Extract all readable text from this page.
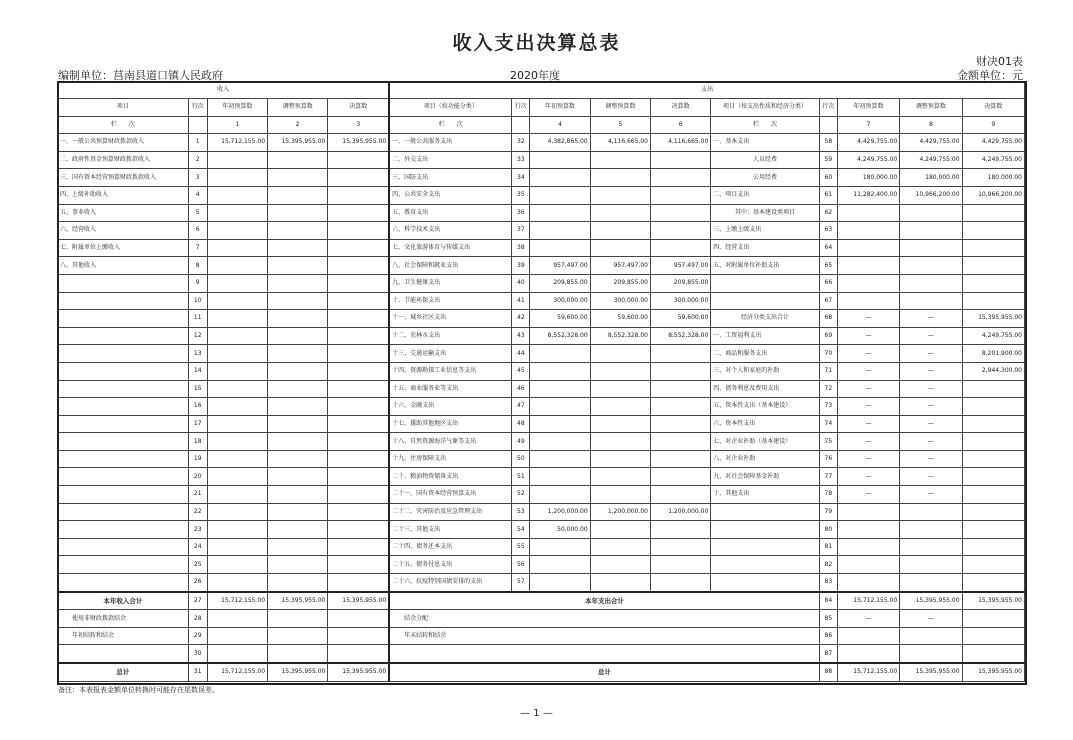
收入支出决算总表
财决01表
编制单位：莒南县道口镇人民政府	2020年度	金额单位：元
收入					支出									
项目	行次	年初预算数	调整预算数	决算数	项目（按功能分类）	行次	年初预算数	调整预算数	决算数	项目（按支出性质和经济分类）	行次	年初预算数	调整预算数	决算数
栏　　次		1	2	3	栏　　次		4	5	6	栏　　次		7	8	9
一、一般公共预算财政拨款收入	1	15,712,155.00	15,395,955.00	15,395,955.00	一、一般公共服务支出	32	4,382,865.00	4,116,665.00	4,116,665.00	一、基本支出	58	4,429,755.00	4,429,755.00	4,429,755.00
二、政府性基金预算财政拨款收入	2				二、外交支出	33				人员经费	59	4,249,755.00	4,249,755.00	4,249,755.00
三、国有资本经营预算财政拨款收入	3				三、国防支出	34				公用经费	60	180,000.00	180,000.00	180,000.00
四、上级补助收入	4				四、公共安全支出	35				二、项目支出	61	11,282,400.00	10,966,200.00	10,966,200.00
五、事业收入	5				五、教育支出	36				其中：基本建设类项目	62			
六、经营收入	6				六、科学技术支出	37				三、上缴上级支出	63			
七、附属单位上缴收入	7				七、文化旅游体育与传媒支出	38				四、经营支出	64			
八、其他收入	8				八、社会保障和就业支出	39	957,497.00	957,497.00	957,497.00	五、对附属单位补助支出	65			
	9				九、卫生健康支出	40	209,855.00	209,855.00	209,855.00		66			
	10				十、节能环保支出	41	300,000.00	300,000.00	300,000.00		67			
	11				十一、城乡社区支出	42	59,600.00	59,600.00	59,600.00	经济分类支出合计	68	—	—	15,395,955.00
	12				十二、农林水支出	43	8,552,328.00	8,552,328.00	8,552,328.00	一、工资福利支出	69	—	—	4,249,755.00
	13				十三、交通运输支出	44				二、商品和服务支出	70	—	—	8,201,900.00
	14				十四、资源勘探工业信息等支出	45				三、对个人和家庭的补助	71	—	—	2,944,300.00
	15				十五、商业服务业等支出	46				四、债务利息及费用支出	72	—	—	
	16				十六、金融支出	47				五、资本性支出（基本建设）	73	—	—	
	17				十七、援助其他地区支出	48				六、资本性支出	74	—	—	
	18				十八、自然资源海洋气象等支出	49				七、对企业补助（基本建设）	75	—	—	
	19				十九、住房保障支出	50				八、对企业补助	76	—	—	
	20				二十、粮油物资储备支出	51				九、对社会保障基金补助	77	—	—	
	21				二十一、国有资本经营预算支出	52				十、其他支出	78	—	—	
	22				二十二、灾害防治及应急管理支出	53	1,200,000.00	1,200,000.00	1,200,000.00		79			
	23				二十三、其他支出	54	50,000.00				80			
	24				二十四、债务还本支出	55					81			
	25				二十五、债务付息支出	56					82			
	26				二十六、抗疫特别国债安排的支出	57					83			
本年收入合计	27	15,712,155.00	15,395,955.00	15,395,955.00	本年支出合计						84	15,712,155.00	15,395,955.00	15,395,955.00
使用非财政拨款结余	28				结余分配						85	—	—	
年初结转和结余	29				年末结转和结余						86			
	30										87			
总计	31	15,712,155.00	15,395,955.00	15,395,955.00	总计						88	15,712,155.00	15,395,955.00	15,395,955.00
备注：本表报表金额单位转换时可能存在尾数误差。
— 1 —
